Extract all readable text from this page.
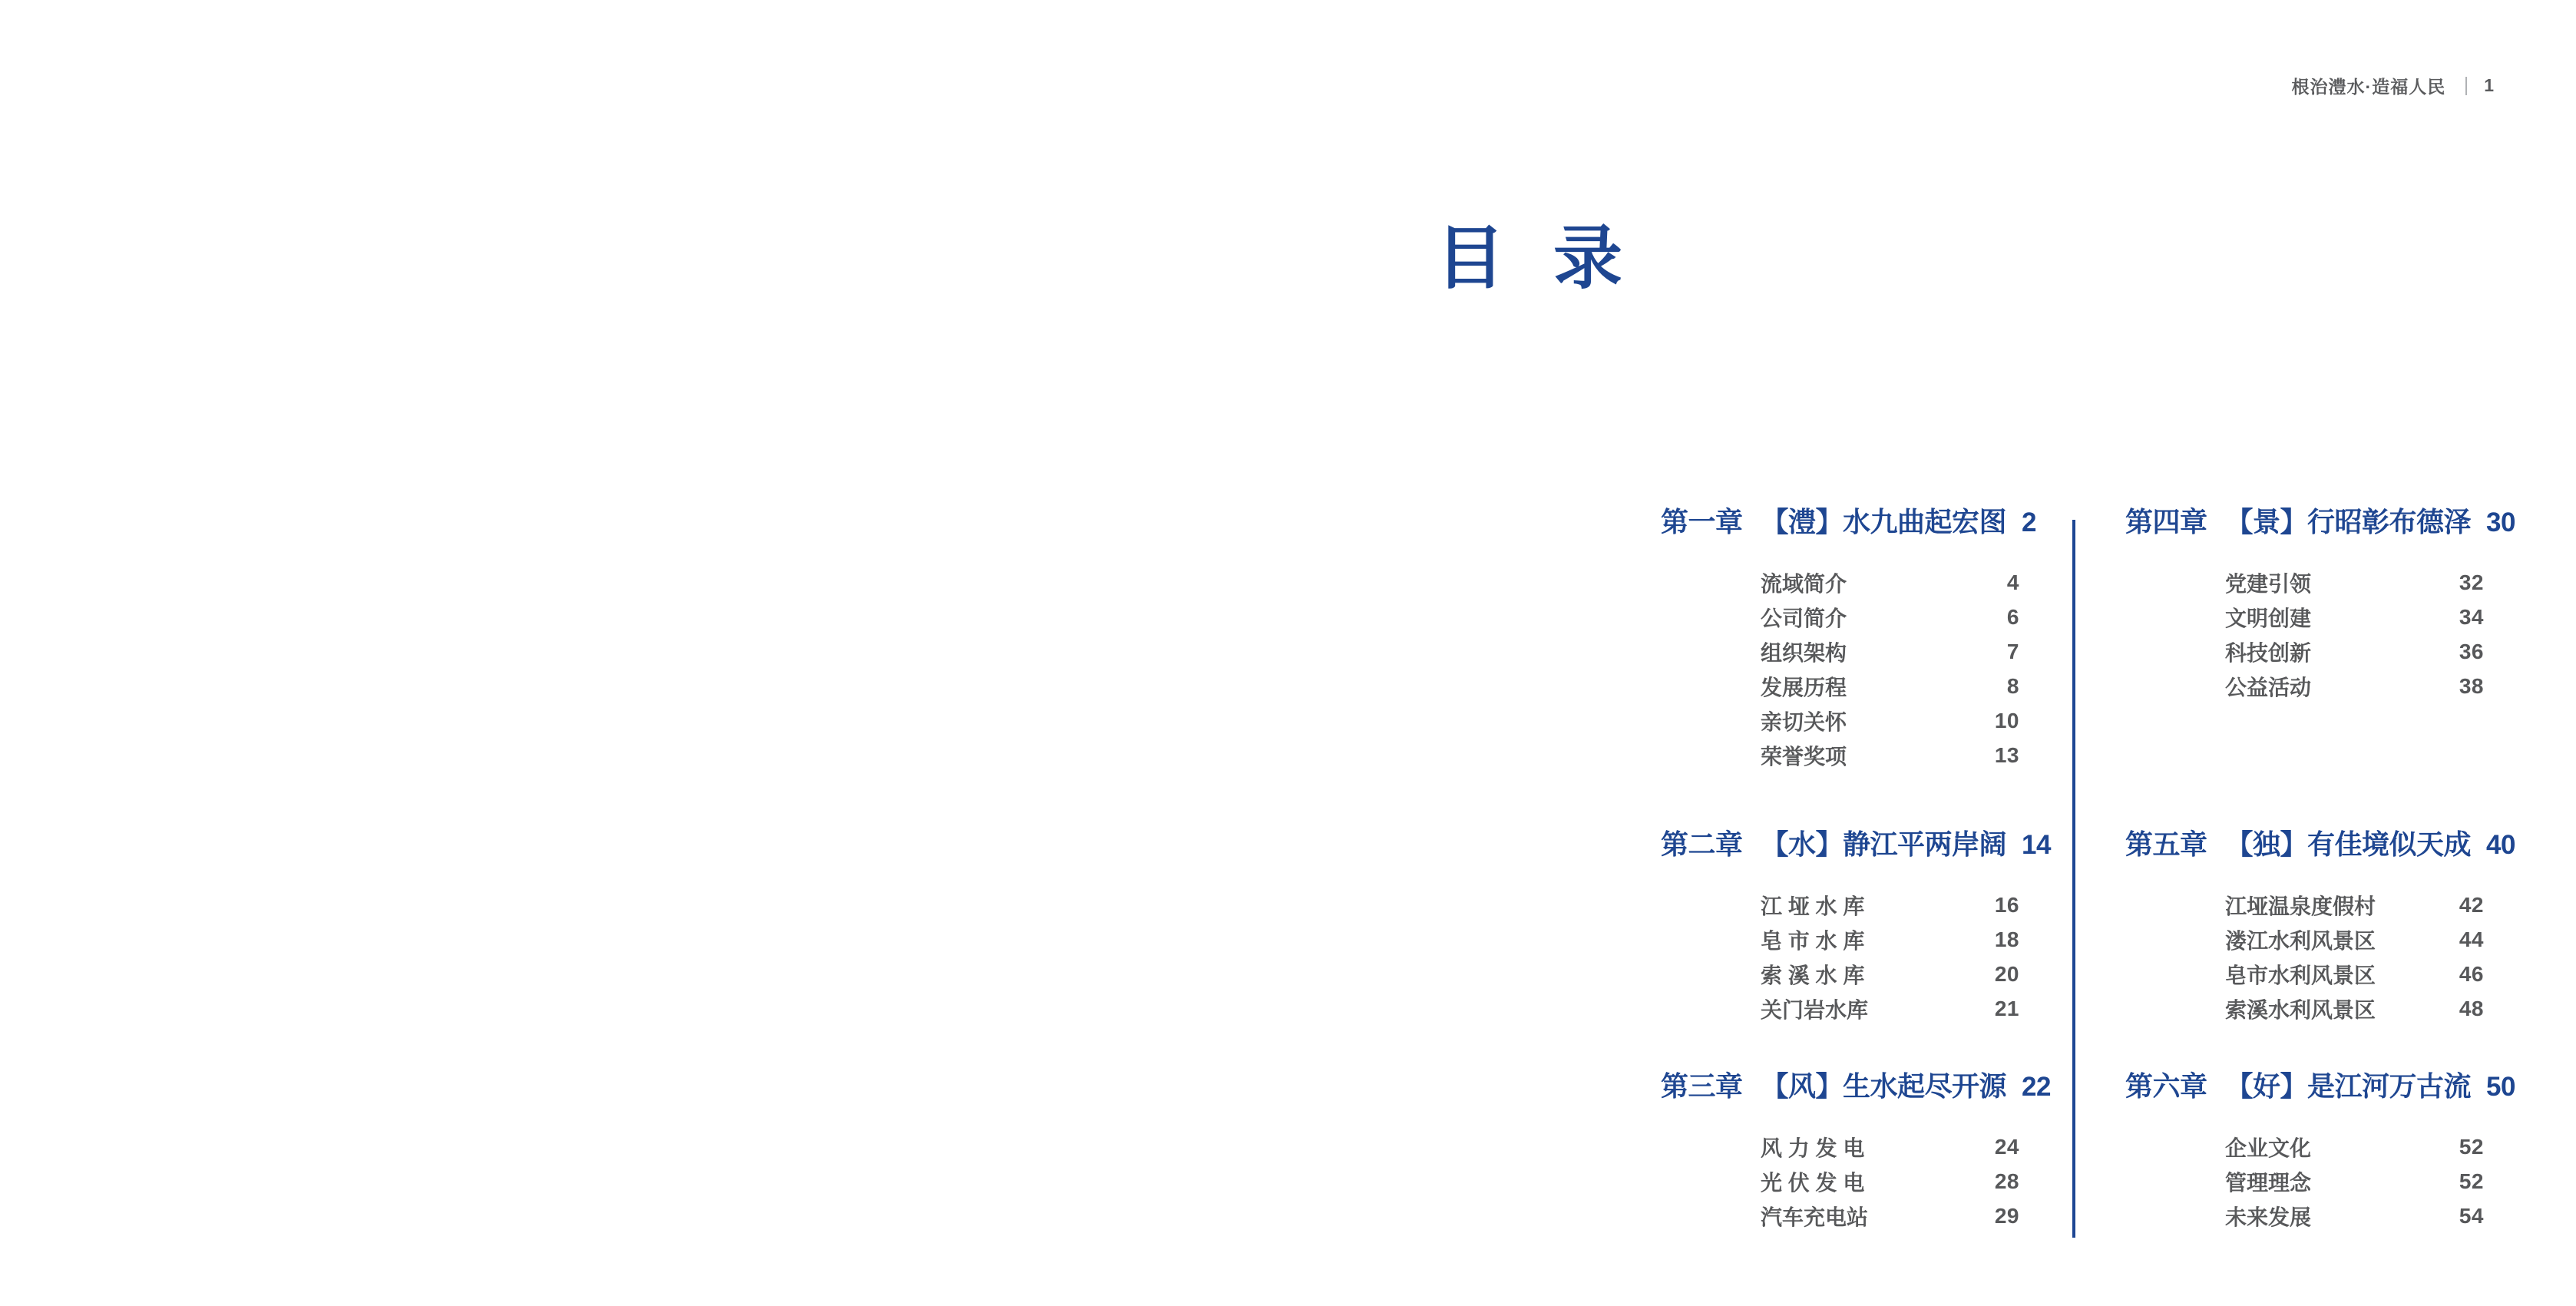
根治澧水·造福人民 1
目 录
第一章 【澧】水九曲起宏图 2
流域简介	4
公司简介	6
组织架构	7
发展历程	8
亲切关怀	10
荣誉奖项	13
第二章 【水】静江平两岸阔 14
江 垭 水 库	16
皂 市 水 库	18
索 溪 水 库	20
关门岩水库	21
第三章 【风】生水起尽开源 22
风 力 发 电	24
光 伏 发 电	28
汽车充电站	29
第四章 【景】行昭彰布德泽 30
党建引领	32
文明创建	34
科技创新	36
公益活动	38
第五章 【独】有佳境似天成 40
江垭温泉度假村	42
溇江水利风景区	44
皂市水利风景区	46
索溪水利风景区	48
第六章 【好】是江河万古流 50
企业文化	52
管理理念	52
未来发展	54
